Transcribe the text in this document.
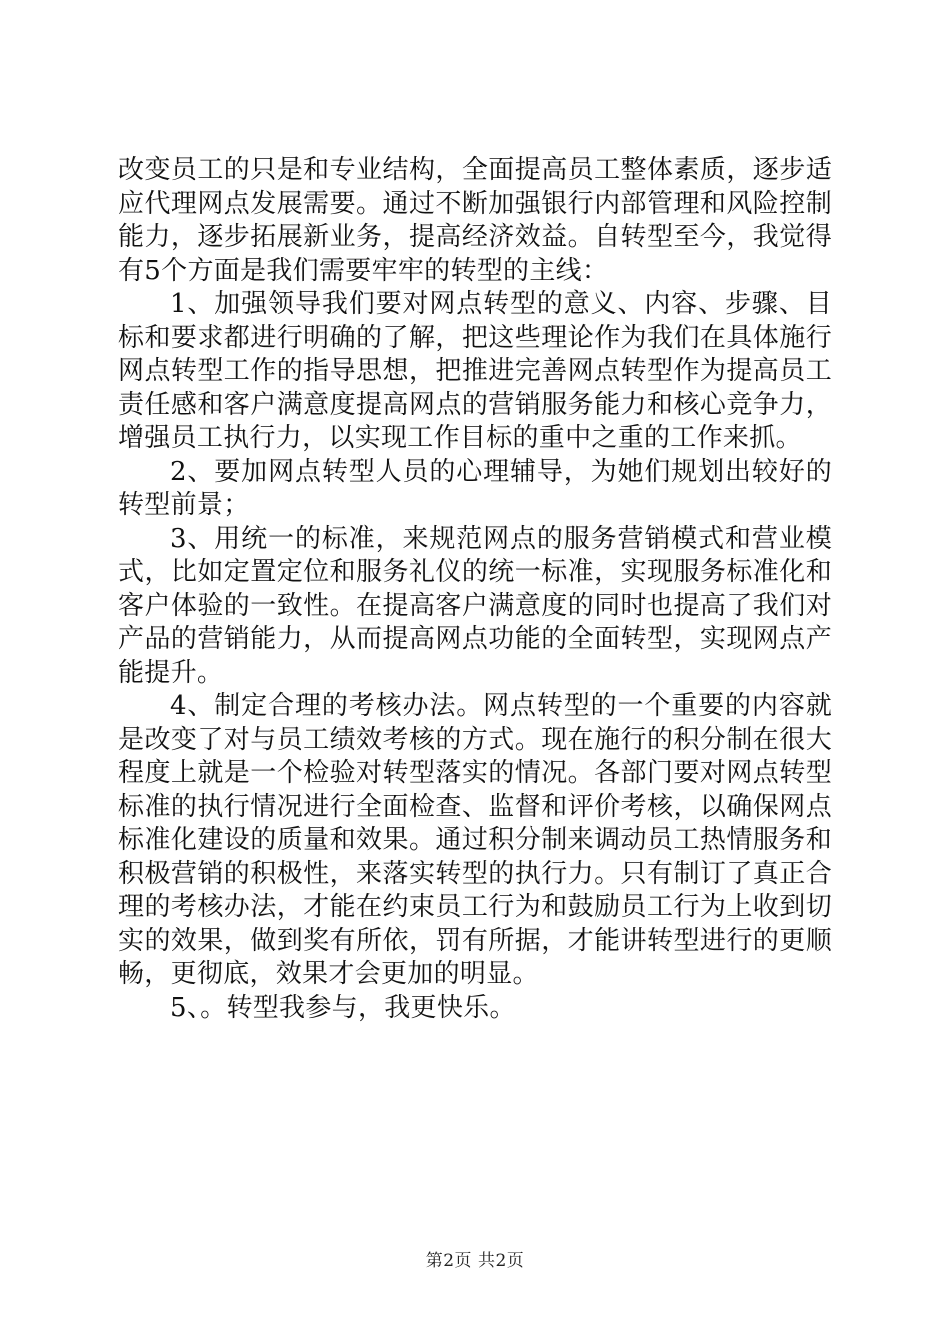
改变员工的只是和专业结构，全面提高员工整体素质，逐步适应代理网点发展需要。通过不断加强银行内部管理和风险控制能力，逐步拓展新业务，提高经济效益。自转型至今，我觉得有5个方面是我们需要牢牢的转型的主线：

1、加强领导我们要对网点转型的意义、内容、步骤、目标和要求都进行明确的了解，把这些理论作为我们在具体施行网点转型工作的指导思想，把推进完善网点转型作为提高员工责任感和客户满意度提高网点的营销服务能力和核心竞争力，增强员工执行力，以实现工作目标的重中之重的工作来抓。

2、要加网点转型人员的心理辅导，为她们规划出较好的转型前景；

3、用统一的标准，来规范网点的服务营销模式和营业模式，比如定置定位和服务礼仪的统一标准，实现服务标准化和客户体验的一致性。在提高客户满意度的同时也提高了我们对产品的营销能力，从而提高网点功能的全面转型，实现网点产能提升。

4、制定合理的考核办法。网点转型的一个重要的内容就是改变了对与员工绩效考核的方式。现在施行的积分制在很大程度上就是一个检验对转型落实的情况。各部门要对网点转型标准的执行情况进行全面检查、监督和评价考核，以确保网点标准化建设的质量和效果。通过积分制来调动员工热情服务和积极营销的积极性，来落实转型的执行力。只有制订了真正合理的考核办法，才能在约束员工行为和鼓励员工行为上收到切实的效果，做到奖有所依，罚有所据，才能讲转型进行的更顺畅，更彻底，效果才会更加的明显。

5、。转型我参与，我更快乐。

第2页 共2页
